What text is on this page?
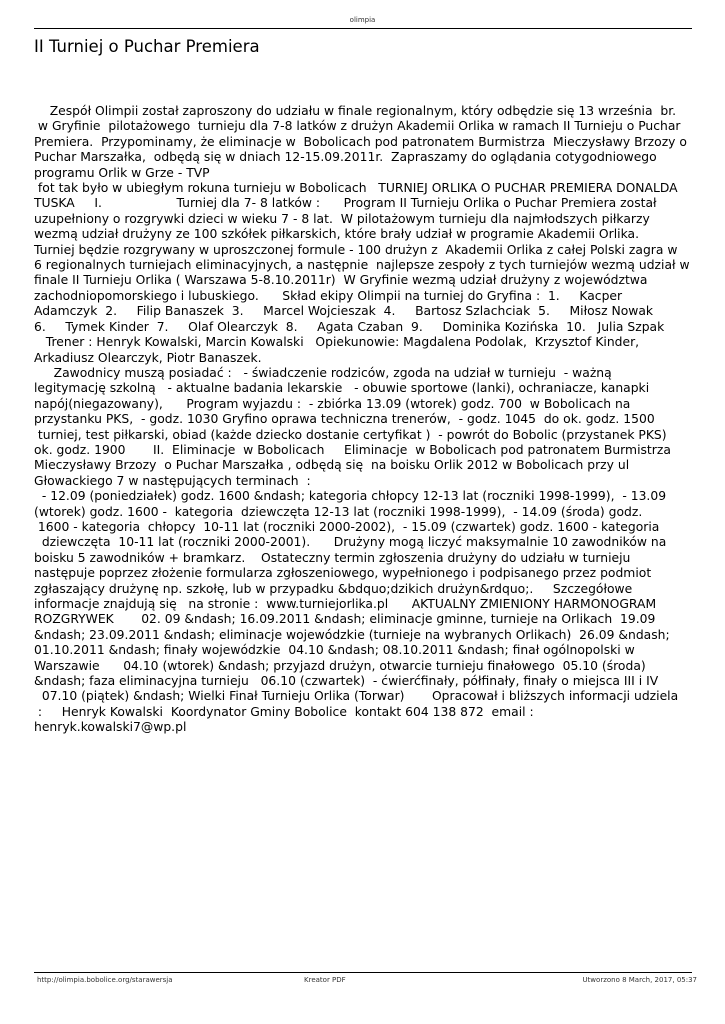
olimpia
II Turniej o Puchar Premiera
Zespół Olimpii został zaproszony do udziału w finale regionalnym, który odbędzie się 13 września  br.
w Gryfinie  pilotażowego  turnieju dla 7-8 latków z drużyn Akademii Orlika w ramach II Turnieju o Puchar
Premiera.  Przypominamy, że eliminacje w  Bobolicach pod patronatem Burmistrza  Mieczysławy Brzozy o
Puchar Marszałka,  odbędą się w dniach 12-15.09.2011r.  Zapraszamy do oglądania cotygodniowego
programu Orlik w Grze - TVP
fot tak było w ubiegłym rokuna turnieju w Bobolicach   TURNIEJ ORLIKA O PUCHAR PREMIERA DONALDA
TUSKA     I.                   Turniej dla 7- 8 latków :      Program II Turnieju Orlika o Puchar Premiera został
uzupełniony o rozgrywki dzieci w wieku 7 - 8 lat.  W pilotażowym turnieju dla najmłodszych piłkarzy
wezmą udział drużyny ze 100 szkółek piłkarskich, które brały udział w programie Akademii Orlika.
Turniej będzie rozgrywany w uproszczonej formule - 100 drużyn z  Akademii Orlika z całej Polski zagra w
6 regionalnych turniejach eliminacyjnych, a następnie  najlepsze zespoły z tych turniejów wezmą udział w
finale II Turnieju Orlika ( Warszawa 5-8.10.2011r)  W Gryfinie wezmą udział drużyny z województwa
zachodniopomorskiego i lubuskiego.      Skład ekipy Olimpii na turniej do Gryfina :  1.     Kacper
Adamczyk  2.     Filip Banaszek  3.     Marcel Wojcieszak  4.     Bartosz Szlachciak  5.     Miłosz Nowak
6.     Tymek Kinder  7.     Olaf Olearczyk  8.     Agata Czaban  9.     Dominika Kozińska  10.   Julia Szpak
Trener : Henryk Kowalski, Marcin Kowalski   Opiekunowie: Magdalena Podolak,  Krzysztof Kinder,
Arkadiusz Olearczyk, Piotr Banaszek.
Zawodnicy muszą posiadać :   - świadczenie rodziców, zgoda na udział w turnieju  - ważną
legitymację szkolną   - aktualne badania lekarskie   - obuwie sportowe (lanki), ochraniacze, kanapki
napój(niegazowany),      Program wyjazdu :  - zbiórka 13.09 (wtorek) godz. 700  w Bobolicach na
przystanku PKS,  - godz. 1030 Gryfino oprawa techniczna trenerów,  - godz. 1045  do ok. godz. 1500
turniej, test piłkarski, obiad (każde dziecko dostanie certyfikat )  - powrót do Bobolic (przystanek PKS)
ok. godz. 1900       II.  Eliminacje  w Bobolicach     Eliminacje  w Bobolicach pod patronatem Burmistrza
Mieczysławy Brzozy  o Puchar Marszałka , odbędą się  na boisku Orlik 2012 w Bobolicach przy ul
Głowackiego 7 w następujących terminach  :
- 12.09 (poniedziałek) godz. 1600 &ndash; kategoria chłopcy 12-13 lat (roczniki 1998-1999),  - 13.09
(wtorek) godz. 1600 -  kategoria  dziewczęta 12-13 lat (roczniki 1998-1999),  - 14.09 (środa) godz.
1600 - kategoria  chłopcy  10-11 lat (roczniki 2000-2002),  - 15.09 (czwartek) godz. 1600 - kategoria
dziewczęta  10-11 lat (roczniki 2000-2001).      Drużyny mogą liczyć maksymalnie 10 zawodników na
boisku 5 zawodników + bramkarz.    Ostateczny termin zgłoszenia drużyny do udziału w turnieju
następuje poprzez złożenie formularza zgłoszeniowego, wypełnionego i podpisanego przez podmiot
zgłaszający drużynę np. szkołę, lub w przypadku &bdquo;dzikich drużyn&rdquo;.     Szczegółowe
informacje znajdują się   na stronie :  www.turniejorlika.pl      AKTUALNY ZMIENIONY HARMONOGRAM
ROZGRYWEK       02. 09 &ndash; 16.09.2011 &ndash; eliminacje gminne, turnieje na Orlikach  19.09
&ndash; 23.09.2011 &ndash; eliminacje wojewódzkie (turnieje na wybranych Orlikach)  26.09 &ndash;
01.10.2011 &ndash; finały wojewódzkie  04.10 &ndash; 08.10.2011 &ndash; finał ogólnopolski w
Warszawie      04.10 (wtorek) &ndash; przyjazd drużyn, otwarcie turnieju finałowego  05.10 (środa)
&ndash; faza eliminacyjna turnieju   06.10 (czwartek)  - ćwierćfinały, półfinały, finały o miejsca III i IV
07.10 (piątek) &ndash; Wielki Finał Turnieju Orlika (Torwar)       Opracował i bliższych informacji udziela
:     Henryk Kowalski  Koordynator Gminy Bobolice  kontakt 604 138 872  email :
henryk.kowalski7@wp.pl
http://olimpia.bobolice.org/starawersja	Kreator PDF	Utworzono 8 March, 2017, 05:37
